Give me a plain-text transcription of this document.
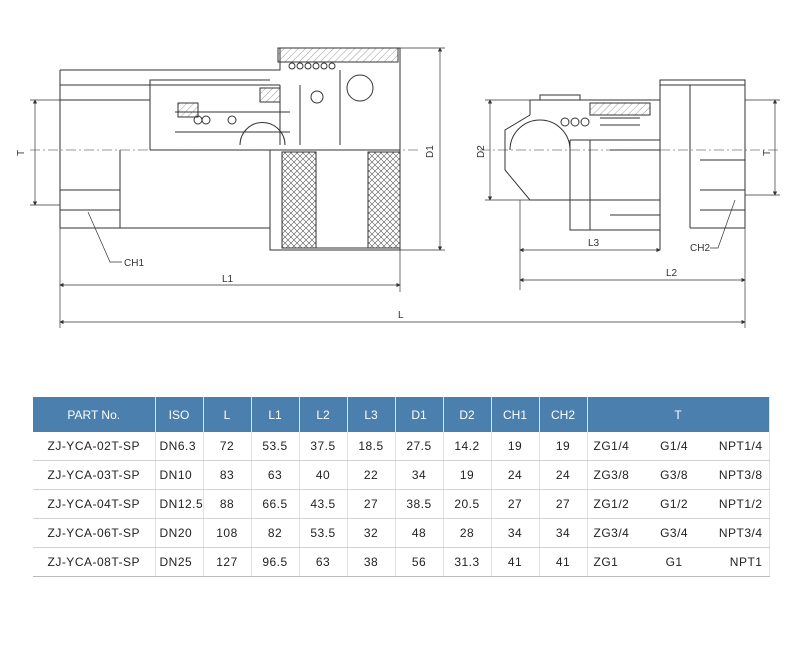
T	D1	D2	T
CH1
CH2
L1
L3
L2
L
PART No.	ISO	L	L1	L2	L3	D1	D2	CH1	CH2	T
ZJ-YCA-02T-SP	DN6.3	72	53.5	37.5	18.5	27.5	14.2	19	19	ZG1/4 G1/4 NPT1/4

ZJ-YCA-03T-SP	DN10	83	63	40	22	34	19	24	24	ZG3/8 G3/8 NPT3/8

ZJ-YCA-04T-SP	DN12.5	88	66.5	43.5	27	38.5	20.5	27	27	ZG1/2 G1/2 NPT1/2

ZJ-YCA-06T-SP	DN20	108	82	53.5	32	48	28	34	34	ZG3/4 G3/4 NPT3/4

ZJ-YCA-08T-SP	DN25	127	96.5	63	38	56	31.3	41	41	ZG1 G1 NPT1
